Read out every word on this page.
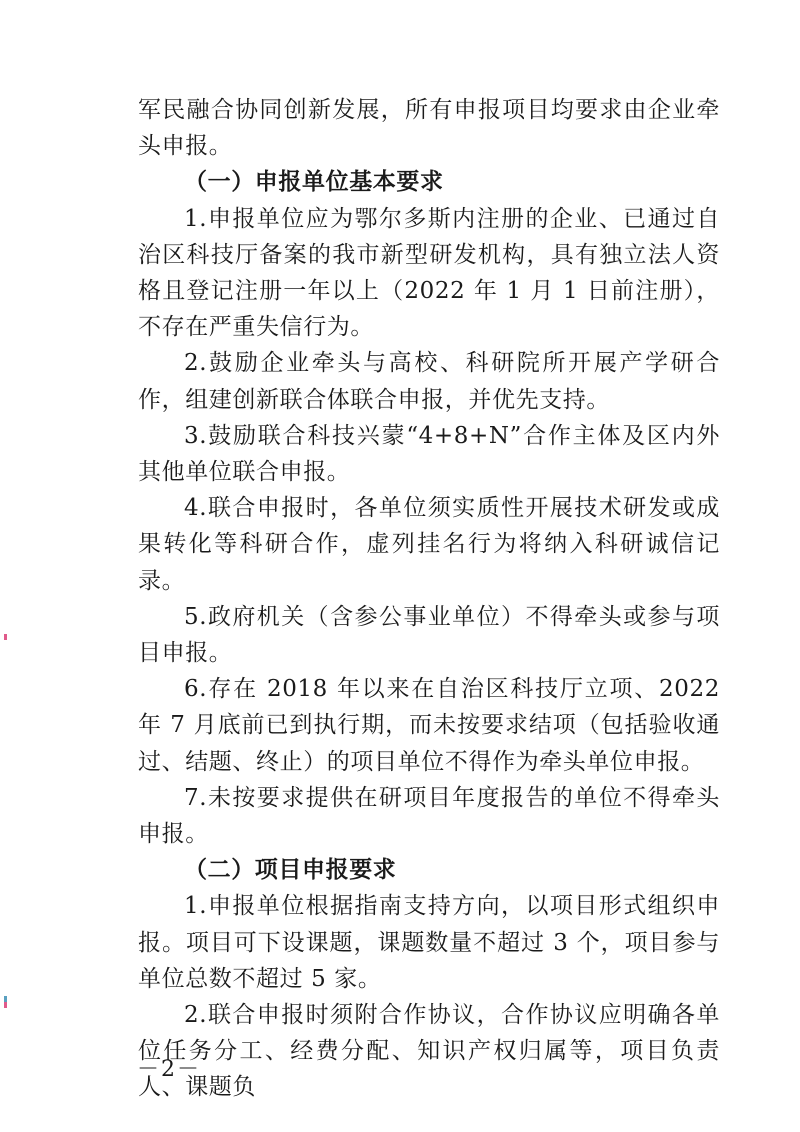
军民融合协同创新发展，所有申报项目均要求由企业牵头申报。

（一）申报单位基本要求

1.申报单位应为鄂尔多斯内注册的企业、已通过自治区科技厅备案的我市新型研发机构，具有独立法人资格且登记注册一年以上（2022 年 1 月 1 日前注册），不存在严重失信行为。

2.鼓励企业牵头与高校、科研院所开展产学研合作，组建创新联合体联合申报，并优先支持。

3.鼓励联合科技兴蒙“4+8+N”合作主体及区内外其他单位联合申报。

4.联合申报时，各单位须实质性开展技术研发或成果转化等科研合作，虚列挂名行为将纳入科研诚信记录。

5.政府机关（含参公事业单位）不得牵头或参与项目申报。

6.存在 2018 年以来在自治区科技厅立项、2022 年 7 月底前已到执行期，而未按要求结项（包括验收通过、结题、终止）的项目单位不得作为牵头单位申报。

7.未按要求提供在研项目年度报告的单位不得牵头申报。

（二）项目申报要求

1.申报单位根据指南支持方向，以项目形式组织申报。项目可下设课题，课题数量不超过 3 个，项目参与单位总数不超过 5 家。

2.联合申报时须附合作协议，合作协议应明确各单位任务分工、经费分配、知识产权归属等，项目负责人、课题负

－2－
